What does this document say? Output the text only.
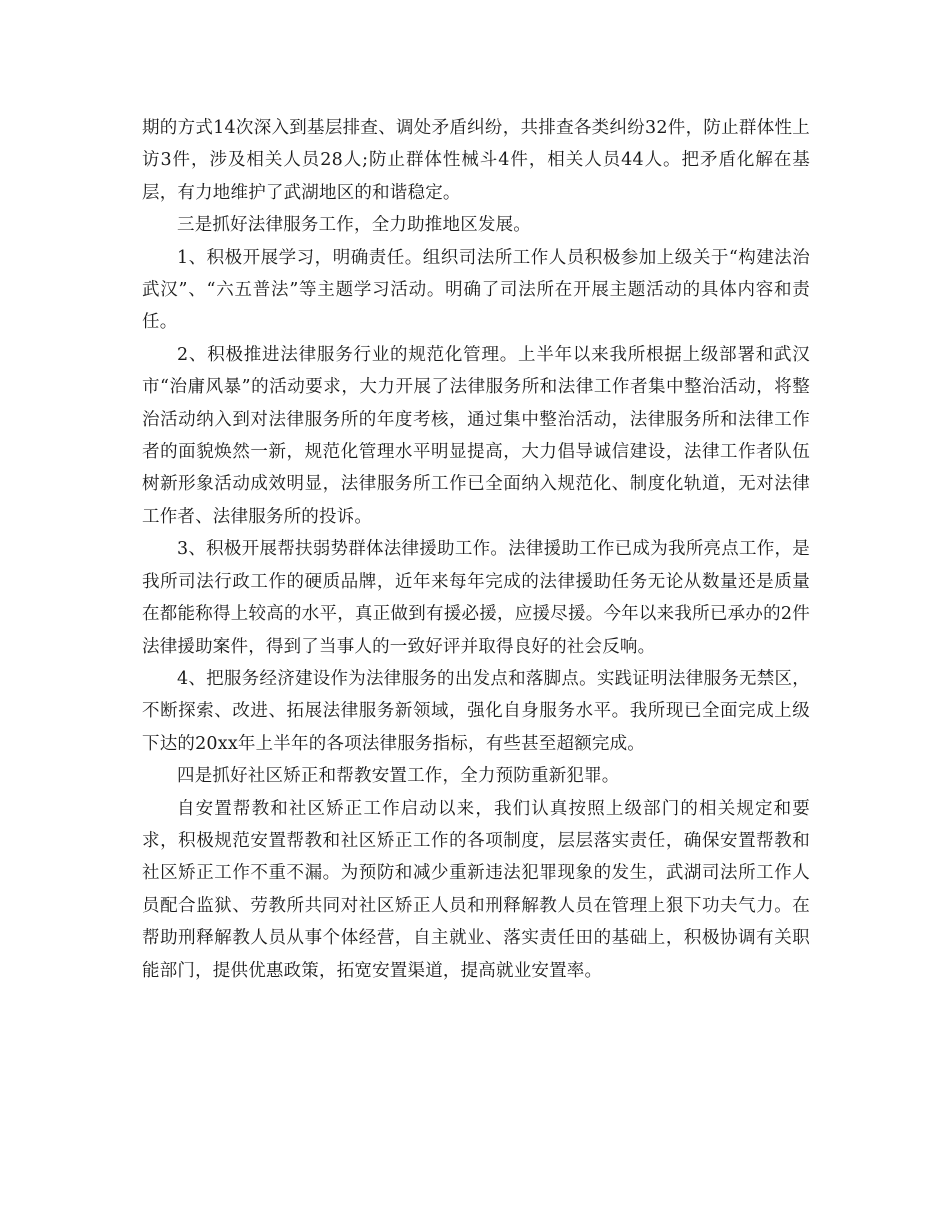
期的方式14次深入到基层排查、调处矛盾纠纷，共排查各类纠纷32件，防止群体性上访3件，涉及相关人员28人;防止群体性械斗4件，相关人员44人。把矛盾化解在基层，有力地维护了武湖地区的和谐稳定。

三是抓好法律服务工作，全力助推地区发展。

1、积极开展学习，明确责任。组织司法所工作人员积极参加上级关于“构建法治武汉”、“六五普法”等主题学习活动。明确了司法所在开展主题活动的具体内容和责任。

2、积极推进法律服务行业的规范化管理。上半年以来我所根据上级部署和武汉市“治庸风暴”的活动要求，大力开展了法律服务所和法律工作者集中整治活动，将整治活动纳入到对法律服务所的年度考核，通过集中整治活动，法律服务所和法律工作者的面貌焕然一新，规范化管理水平明显提高，大力倡导诚信建设，法律工作者队伍树新形象活动成效明显，法律服务所工作已全面纳入规范化、制度化轨道，无对法律工作者、法律服务所的投诉。

3、积极开展帮扶弱势群体法律援助工作。法律援助工作已成为我所亮点工作，是我所司法行政工作的硬质品牌，近年来每年完成的法律援助任务无论从数量还是质量在都能称得上较高的水平，真正做到有援必援，应援尽援。今年以来我所已承办的2件法律援助案件，得到了当事人的一致好评并取得良好的社会反响。

4、把服务经济建设作为法律服务的出发点和落脚点。实践证明法律服务无禁区，不断探索、改进、拓展法律服务新领域，强化自身服务水平。我所现已全面完成上级下达的20xx年上半年的各项法律服务指标，有些甚至超额完成。

四是抓好社区矫正和帮教安置工作，全力预防重新犯罪。

自安置帮教和社区矫正工作启动以来，我们认真按照上级部门的相关规定和要求，积极规范安置帮教和社区矫正工作的各项制度，层层落实责任，确保安置帮教和社区矫正工作不重不漏。为预防和减少重新违法犯罪现象的发生，武湖司法所工作人员配合监狱、劳教所共同对社区矫正人员和刑释解教人员在管理上狠下功夫气力。在帮助刑释解教人员从事个体经营，自主就业、落实责任田的基础上，积极协调有关职能部门，提供优惠政策，拓宽安置渠道，提高就业安置率。
